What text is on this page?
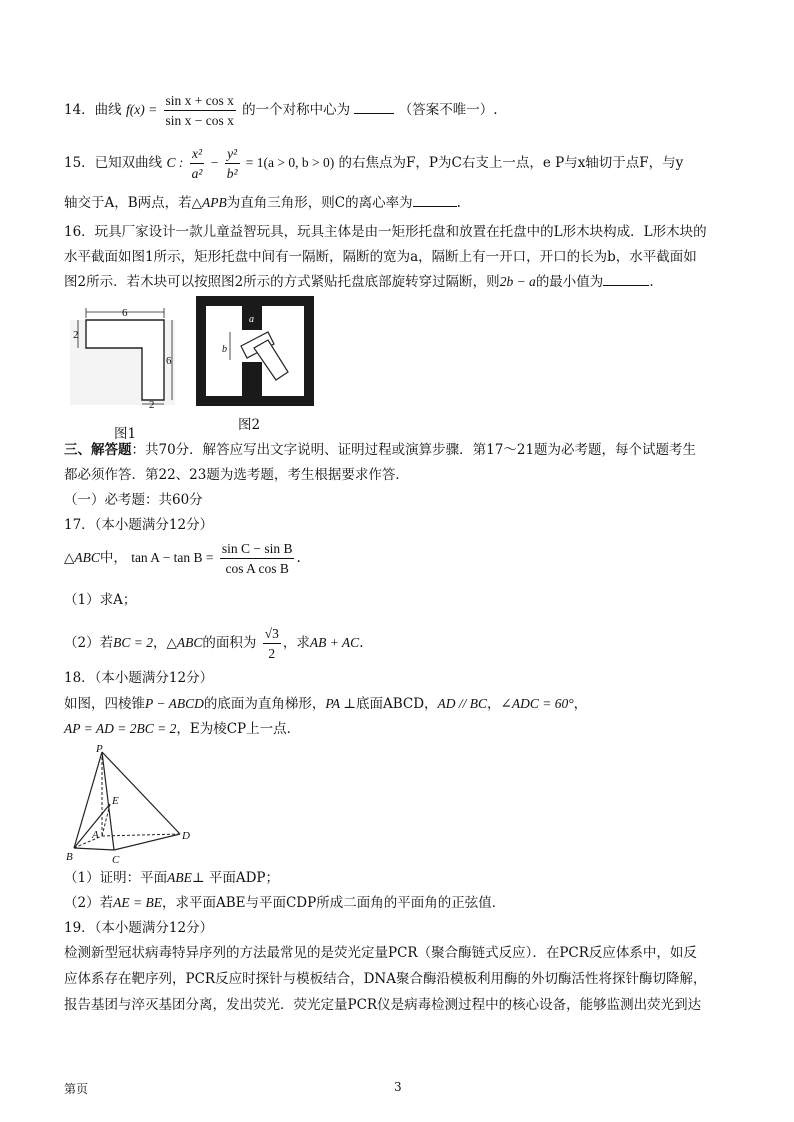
14．曲线 $f(x) = \frac{\text{sin x + cos x}}{\text{sin x − cos x}}$ 的一个对称中心为	（答案不唯一）.
15．已知双曲线 C : $\frac{\text{x²}}{\text{a²}} - \frac{\text{y²}}{\text{b²}} = 1(a > 0$, b > 0) 的右焦点为F，P为C右支上一点，e P与x轴切于点F，与y
轴交于A，B两点，若△APB为直角三角形，则C的离心率为	.
16．玩具厂家设计一款儿童益智玩具，玩具主体是由一矩形托盘和放置在托盘中的L形木块构成．L形木块的
水平截面如图1所示，矩形托盘中间有一隔断，隔断的宽为a，隔断上有一开口，开口的长为b，水平截面如
图2所示．若木块可以按照图2所示的方式紧贴托盘底部旋转穿过隔断，则2b − a的最小值为	.
6
2
6
2
图1
a
b
图2
三、解答题：共70分．解答应写出文字说明、证明过程或演算步骤．第17～21题为必考题，每个试题考生
都必须作答．第22、23题为选考题，考生根据要求作答．
（一）必考题：共60分
17．（本小题满分12分）
△ABC中， $\tan A - \tan B = \frac{\text{sin C − sin B}}{\text{cos A cos B}}$ .
（1）求A；
（2）若BC = 2，△ABC的面积为 $\frac{√3}{2}$ ，求AB + AC.
18．（本小题满分12分）
如图，四棱锥P − ABCD的底面为直角梯形，PA ⊥底面ABCD，AD // BC，∠ADC = 60°，
AP = AD = 2BC = 2，E为棱CP上一点．
P
E
A
B	C
D
（1）证明：平面ABE⊥ 平面ADP；
（2）若AE = BE，求平面ABE与平面CDP所成二面角的平面角的正弦值．
19．（本小题满分12分）
检测新型冠状病毒特异序列的方法最常见的是荧光定量PCR（聚合酶链式反应）．在PCR反应体系中，如反
应体系存在靶序列，PCR反应时探针与模板结合，DNA聚合酶沿模板利用酶的外切酶活性将探针酶切降解，
报告基团与淬灭基团分离，发出荧光．荧光定量PCR仪是病毒检测过程中的核心设备，能够监测出荧光到达
第页	3
